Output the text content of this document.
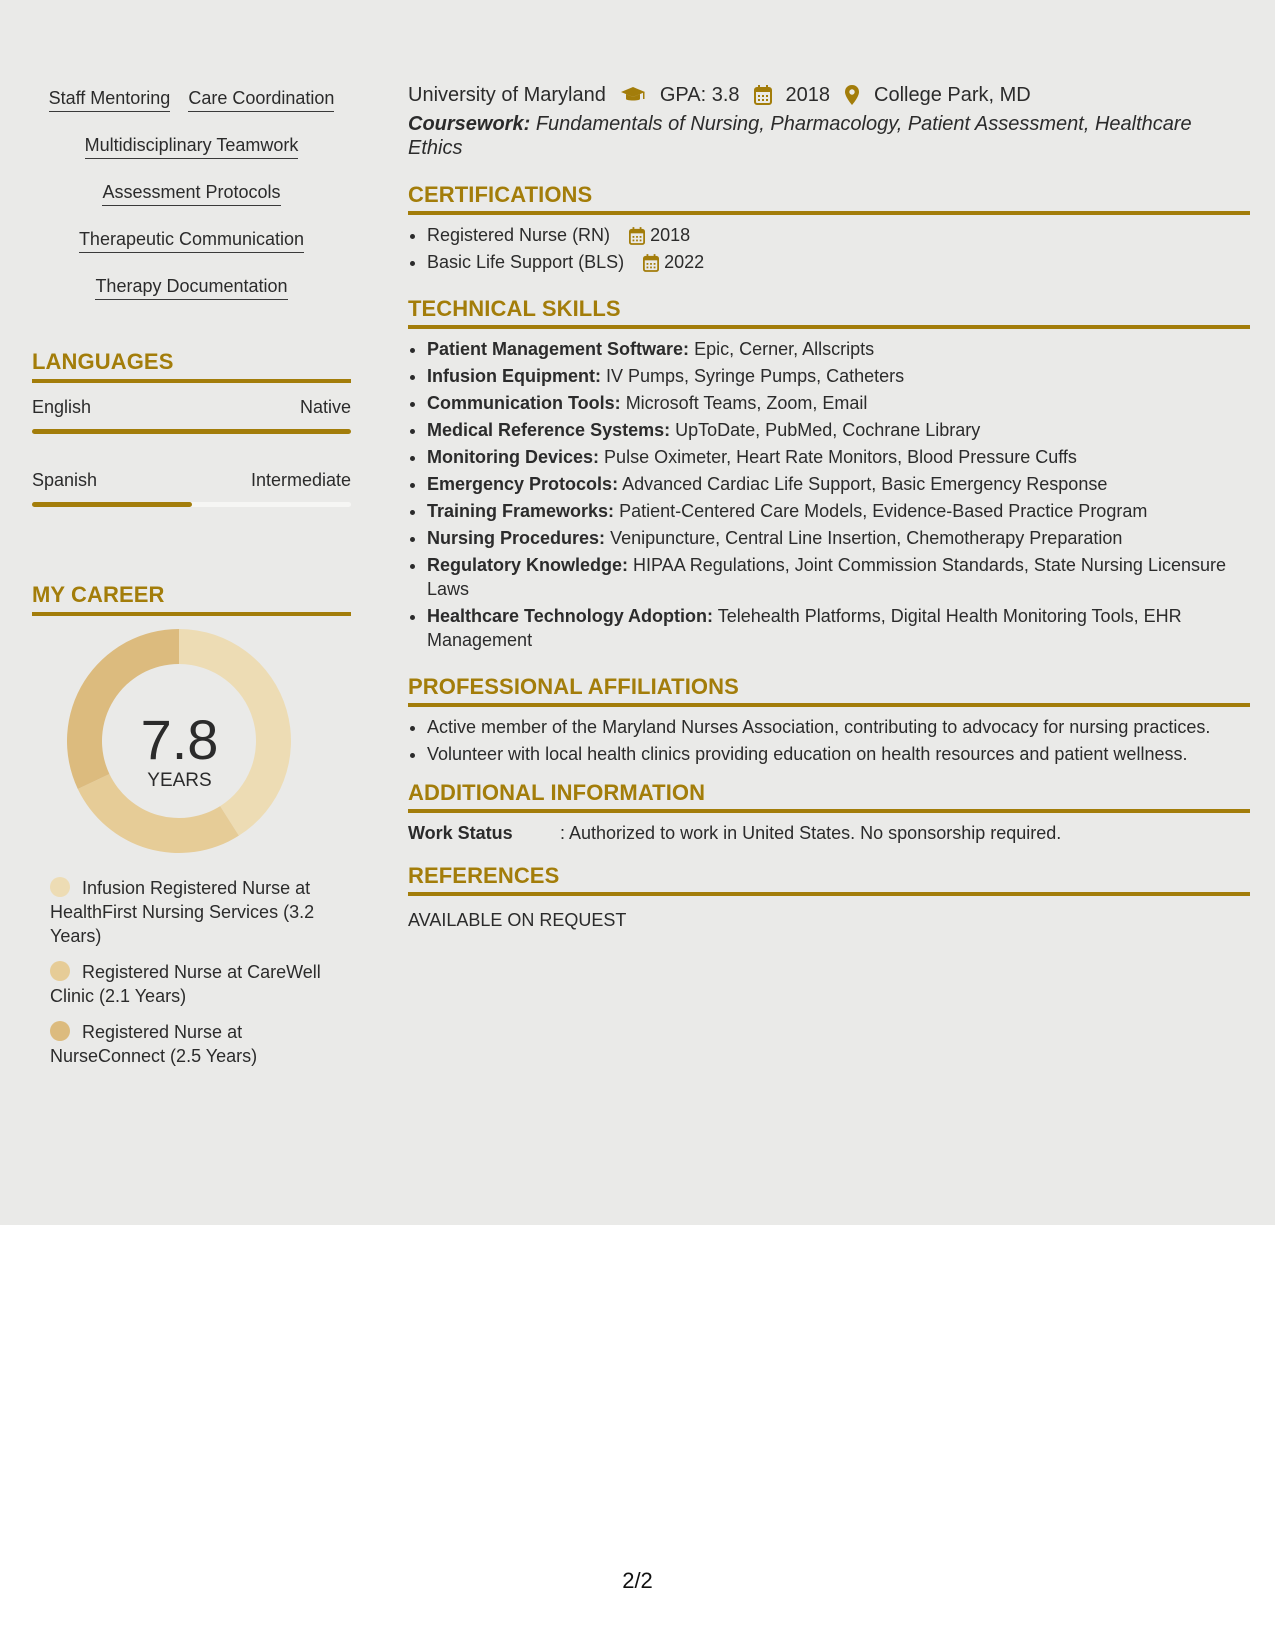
Staff Mentoring Care Coordination
Multidisciplinary Teamwork
Assessment Protocols
Therapeutic Communication
Therapy Documentation
LANGUAGES
English	Native
Spanish	Intermediate
MY CAREER
7.8
YEARS
Infusion Registered Nurse at HealthFirst Nursing Services (3.2 Years)
Registered Nurse at CareWell Clinic (2.1 Years)
Registered Nurse at NurseConnect (2.5 Years)
University of Maryland	GPA: 3.8 2018 College Park, MD
Coursework: Fundamentals of Nursing, Pharmacology, Patient Assessment, Healthcare Ethics
CERTIFICATIONS
• Registered Nurse (RN) 2018
• Basic Life Support (BLS) 2022
TECHNICAL SKILLS
• Patient Management Software: Epic, Cerner, Allscripts
• Infusion Equipment: IV Pumps, Syringe Pumps, Catheters
• Communication Tools: Microsoft Teams, Zoom, Email
• Medical Reference Systems: UpToDate, PubMed, Cochrane Library
• Monitoring Devices: Pulse Oximeter, Heart Rate Monitors, Blood Pressure Cuffs
• Emergency Protocols: Advanced Cardiac Life Support, Basic Emergency Response
• Training Frameworks: Patient-Centered Care Models, Evidence-Based Practice Program
• Nursing Procedures: Venipuncture, Central Line Insertion, Chemotherapy Preparation
• Regulatory Knowledge: HIPAA Regulations, Joint Commission Standards, State Nursing Licensure Laws
• Healthcare Technology Adoption: Telehealth Platforms, Digital Health Monitoring Tools, EHR Management
PROFESSIONAL AFFILIATIONS
• Active member of the Maryland Nurses Association, contributing to advocacy for nursing practices.
• Volunteer with local health clinics providing education on health resources and patient wellness.
ADDITIONAL INFORMATION
Work Status	: Authorized to work in United States. No sponsorship required.
REFERENCES
AVAILABLE ON REQUEST
2/2
